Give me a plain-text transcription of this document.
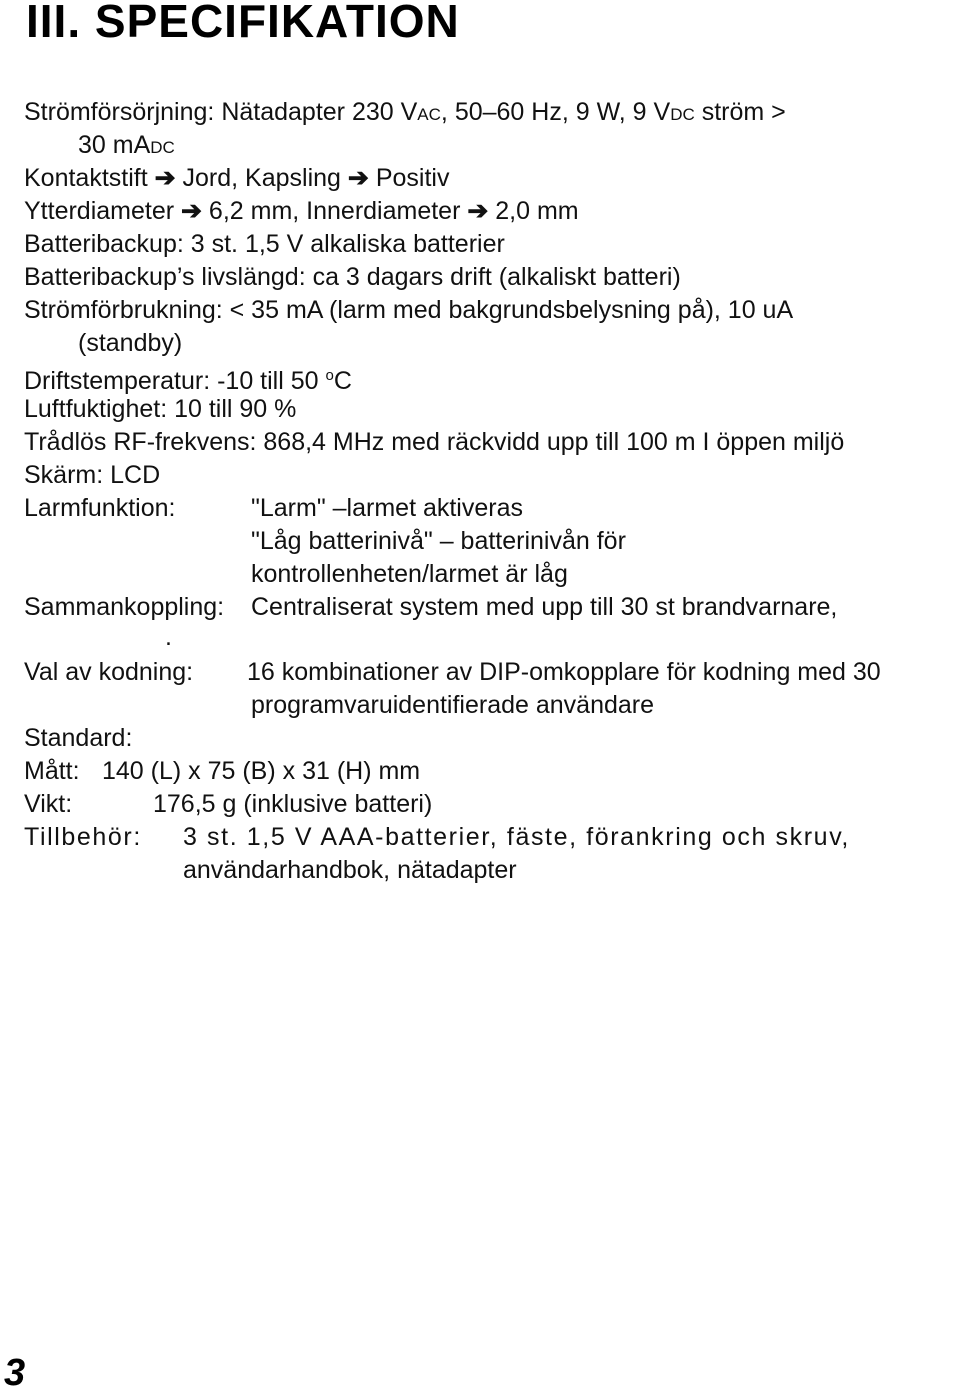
III. SPECIFIKATION
Strömförsörjning: Nätadapter 230 VAC, 50–60 Hz, 9 W, 9 VDC ström >
30 mADC
Kontaktstift ➔ Jord, Kapsling ➔ Positiv
Ytterdiameter ➔ 6,2 mm, Innerdiameter ➔ 2,0 mm
Batteribackup: 3 st. 1,5 V alkaliska batterier
Batteribackup’s livslängd: ca 3 dagars drift (alkaliskt batteri)
Strömförbrukning: < 35 mA (larm med bakgrundsbelysning på), 10 uA
(standby)
Driftstemperatur: -10 till 50 $^o$C
Luftfuktighet: 10 till 90 %
Trådlös RF-frekvens: 868,4 MHz med räckvidd upp till 100 m I öppen miljö
Skärm: LCD
Larmfunktion:	"Larm" –larmet aktiveras
"Låg batterinivå" – batterinivån för
kontrollenheten/larmet är låg
Sammankoppling: Centraliserat system med upp till 30 st brandvarnare,
.
Val av kodning: 16 kombinationer av DIP-omkopplare för kodning med 30
programvaruidentifierade användare
Standard:
Mått: 140 (L) x 75 (B) x 31 (H) mm
Vikt:	176,5 g (inklusive batteri)
Tillbehör: 3 st. 1,5 V AAA-batterier, fäste, förankring och skruv,
användarhandbok, nätadapter
3
